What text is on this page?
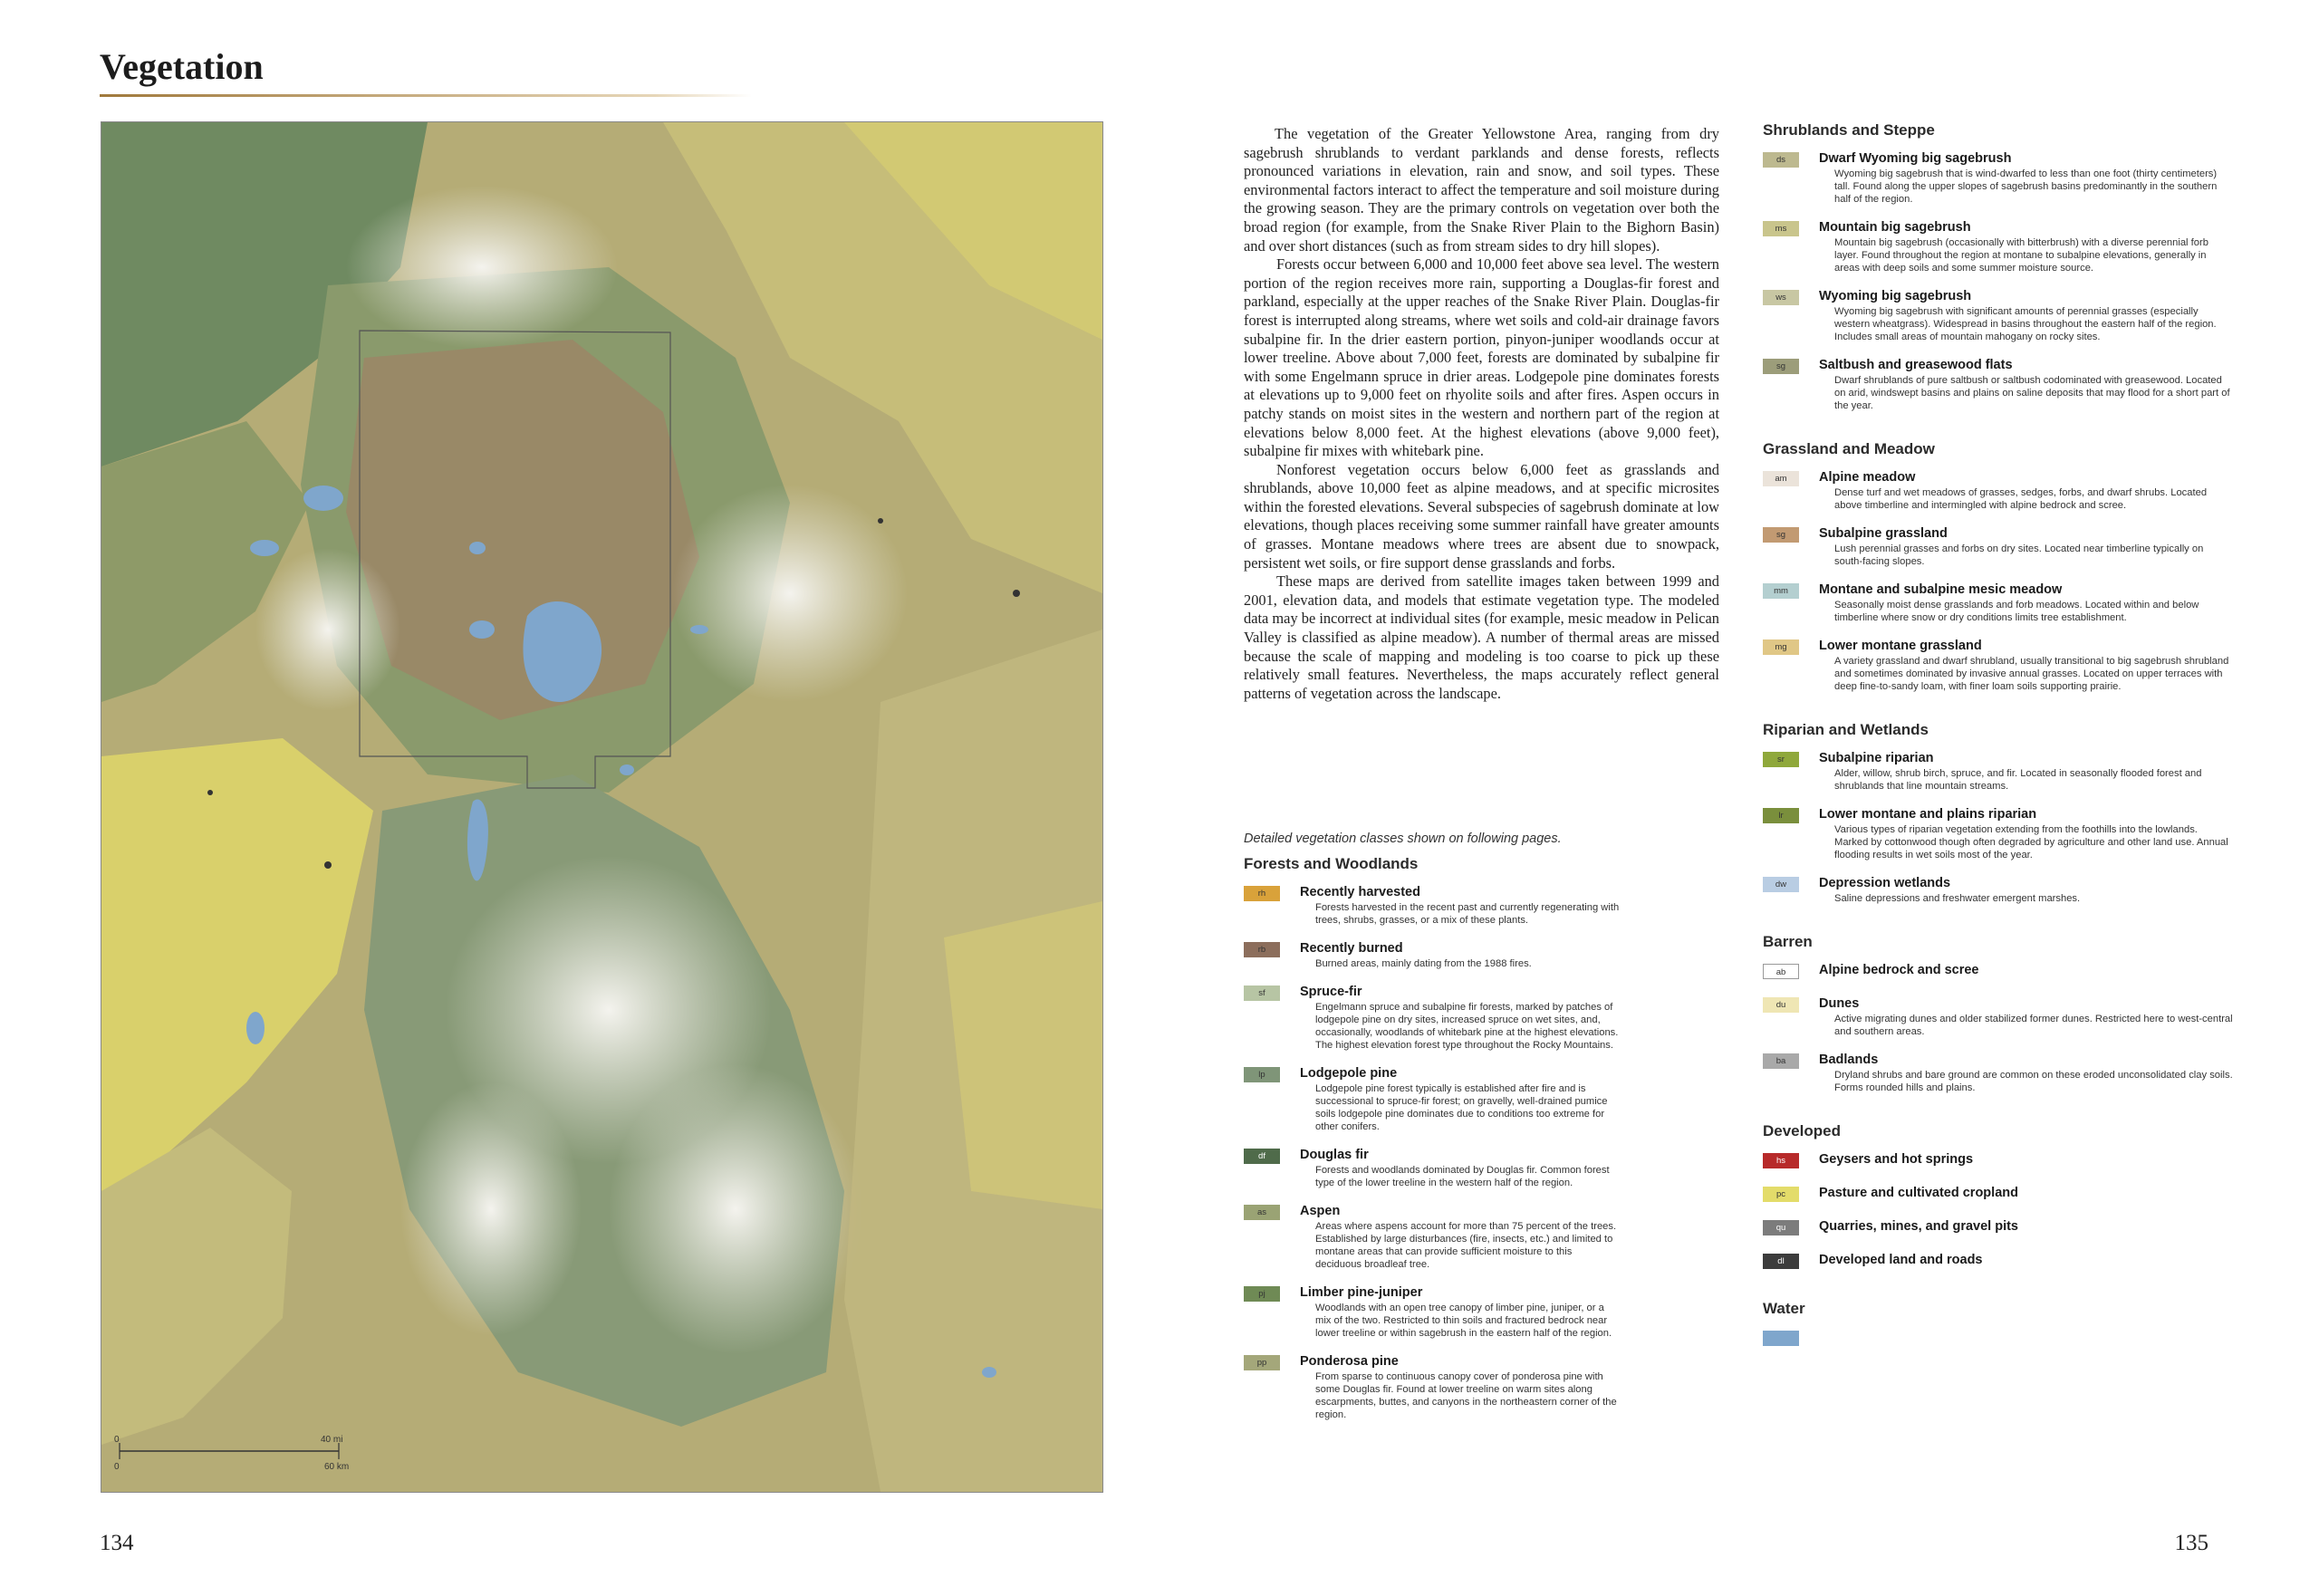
Vegetation
0	40 mi
0	60 km
134	135

The vegetation of the Greater Yellowstone Area, ranging from dry sagebrush shrublands to verdant parklands and dense forests, reflects pronounced variations in elevation, rain and snow, and soil types. These environmental factors interact to affect the temperature and soil moisture during the growing season. They are the primary controls on vegetation over both the broad region (for example, from the Snake River Plain to the Bighorn Basin) and over short distances (such as from stream sides to dry hill slopes).

Forests occur between 6,000 and 10,000 feet above sea level. The western portion of the region receives more rain, supporting a Douglas-fir forest and parkland, especially at the upper reaches of the Snake River Plain. Douglas-fir forest is interrupted along streams, where wet soils and cold-air drainage favors subalpine fir. In the drier eastern portion, pinyon-juniper woodlands occur at lower treeline. Above about 7,000 feet, forests are dominated by subalpine fir with some Engelmann spruce in drier areas. Lodgepole pine dominates forests at elevations up to 9,000 feet on rhyolite soils and after fires. Aspen occurs in patchy stands on moist sites in the western and northern part of the region at elevations below 8,000 feet. At the highest elevations (above 9,000 feet), subalpine fir mixes with whitebark pine.

Nonforest vegetation occurs below 6,000 feet as grasslands and shrublands, above 10,000 feet as alpine meadows, and at specific microsites within the forested elevations. Several subspecies of sagebrush dominate at low elevations, though places receiving some summer rainfall have greater amounts of grasses. Montane meadows where trees are absent due to snowpack, persistent wet soils, or fire support dense grasslands and forbs.

These maps are derived from satellite images taken between 1999 and 2001, elevation data, and models that estimate vegetation type. The modeled data may be incorrect at individual sites (for example, mesic meadow in Pelican Valley is classified as alpine meadow). A number of thermal areas are missed because the scale of mapping and modeling is too coarse to pick up these relatively small features. Nevertheless, the maps accurately reflect general patterns of vegetation across the landscape.

Detailed vegetation classes shown on following pages.
Forests and Woodlands
rh	Recently harvested
Forests harvested in the recent past and currently regenerating with trees, shrubs, grasses, or a mix of these plants.
rb	Recently burned
Burned areas, mainly dating from the 1988 fires.
sf	Spruce-fir
Engelmann spruce and subalpine fir forests, marked by patches of lodgepole pine on dry sites, increased spruce on wet sites, and, occasionally, woodlands of whitebark pine at the highest elevations. The highest elevation forest type throughout the Rocky Mountains.
lp	Lodgepole pine
Lodgepole pine forest typically is established after fire and is successional to spruce-fir forest; on gravelly, well-drained pumice soils lodgepole pine dominates due to conditions too extreme for other conifers.
df	Douglas fir
Forests and woodlands dominated by Douglas fir. Common forest type of the lower treeline in the western half of the region.
as	Aspen
Areas where aspens account for more than 75 percent of the trees. Established by large disturbances (fire, insects, etc.) and limited to montane areas that can provide sufficient moisture to this deciduous broadleaf tree.
pj	Limber pine-juniper
Woodlands with an open tree canopy of limber pine, juniper, or a mix of the two. Restricted to thin soils and fractured bedrock near lower treeline or within sagebrush in the eastern half of the region.
pp	Ponderosa pine
From sparse to continuous canopy cover of ponderosa pine with some Douglas fir. Found at lower treeline on warm sites along escarpments, buttes, and canyons in the northeastern corner of the region.
Shrublands and Steppe
ds	Dwarf Wyoming big sagebrush
Wyoming big sagebrush that is wind-dwarfed to less than one foot (thirty centimeters) tall. Found along the upper slopes of sagebrush basins predominantly in the southern half of the region.
ms	Mountain big sagebrush
Mountain big sagebrush (occasionally with bitterbrush) with a diverse perennial forb layer. Found throughout the region at montane to subalpine elevations, generally in areas with deep soils and some summer moisture source.
ws	Wyoming big sagebrush
Wyoming big sagebrush with significant amounts of perennial grasses (especially western wheatgrass). Widespread in basins throughout the eastern half of the region. Includes small areas of mountain mahogany on rocky sites.
sg	Saltbush and greasewood flats
Dwarf shrublands of pure saltbush or saltbush codominated with greasewood. Located on arid, windswept basins and plains on saline deposits that may flood for a short part of the year.
Grassland and Meadow
am	Alpine meadow
Dense turf and wet meadows of grasses, sedges, forbs, and dwarf shrubs. Located above timberline and intermingled with alpine bedrock and scree.
sg	Subalpine grassland
Lush perennial grasses and forbs on dry sites. Located near timberline typically on south-facing slopes.
mm	Montane and subalpine mesic meadow
Seasonally moist dense grasslands and forb meadows. Located within and below timberline where snow or dry conditions limits tree establishment.
mg	Lower montane grassland
A variety grassland and dwarf shrubland, usually transitional to big sagebrush shrubland and sometimes dominated by invasive annual grasses. Located on upper terraces with deep fine-to-sandy loam, with finer loam soils supporting prairie.
Riparian and Wetlands
sr	Subalpine riparian
Alder, willow, shrub birch, spruce, and fir. Located in seasonally flooded forest and shrublands that line mountain streams.
lr	Lower montane and plains riparian
Various types of riparian vegetation extending from the foothills into the lowlands. Marked by cottonwood though often degraded by agriculture and other land use. Annual flooding results in wet soils most of the year.
dw	Depression wetlands
Saline depressions and freshwater emergent marshes.
Barren
ab	Alpine bedrock and scree
du	Dunes
Active migrating dunes and older stabilized former dunes. Restricted here to west-central and southern areas.
ba	Badlands
Dryland shrubs and bare ground are common on these eroded unconsolidated clay soils. Forms rounded hills and plains.
Developed
hs	Geysers and hot springs
pc	Pasture and cultivated cropland
qu	Quarries, mines, and gravel pits
dl	Developed land and roads
Water
